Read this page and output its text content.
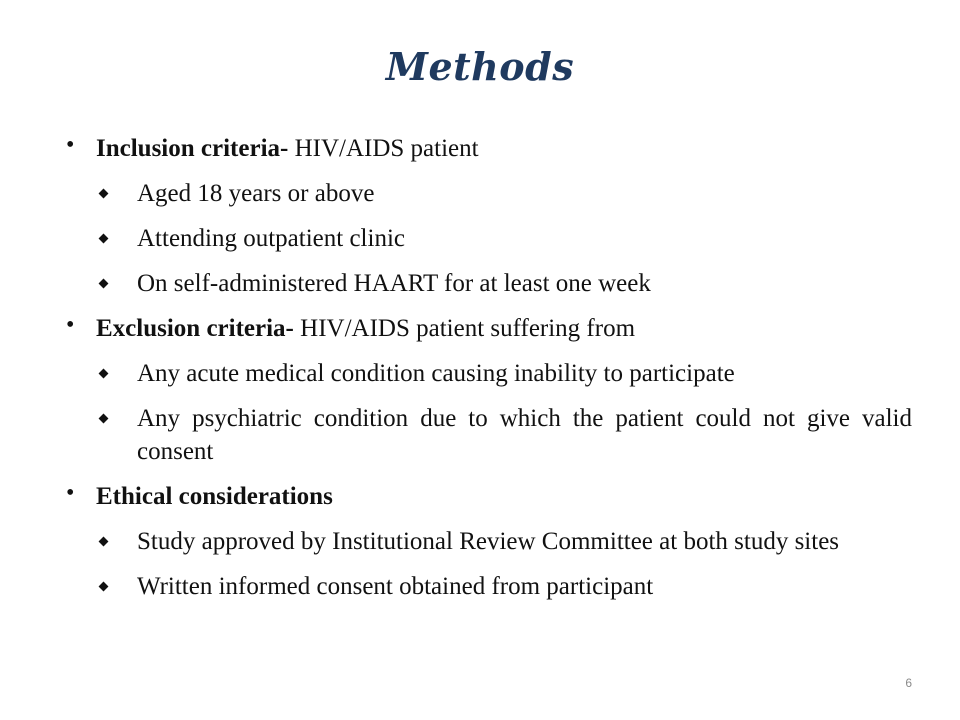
Methods
• Inclusion criteria- HIV/AIDS patient
Aged 18 years or above
Attending outpatient clinic
On self-administered HAART for at least one week
• Exclusion criteria- HIV/AIDS patient suffering from
Any acute medical condition causing inability to participate
Any psychiatric condition due to which the patient could not give valid consent
• Ethical considerations
Study approved by Institutional Review Committee at both study sites
Written informed consent obtained from participant
6
